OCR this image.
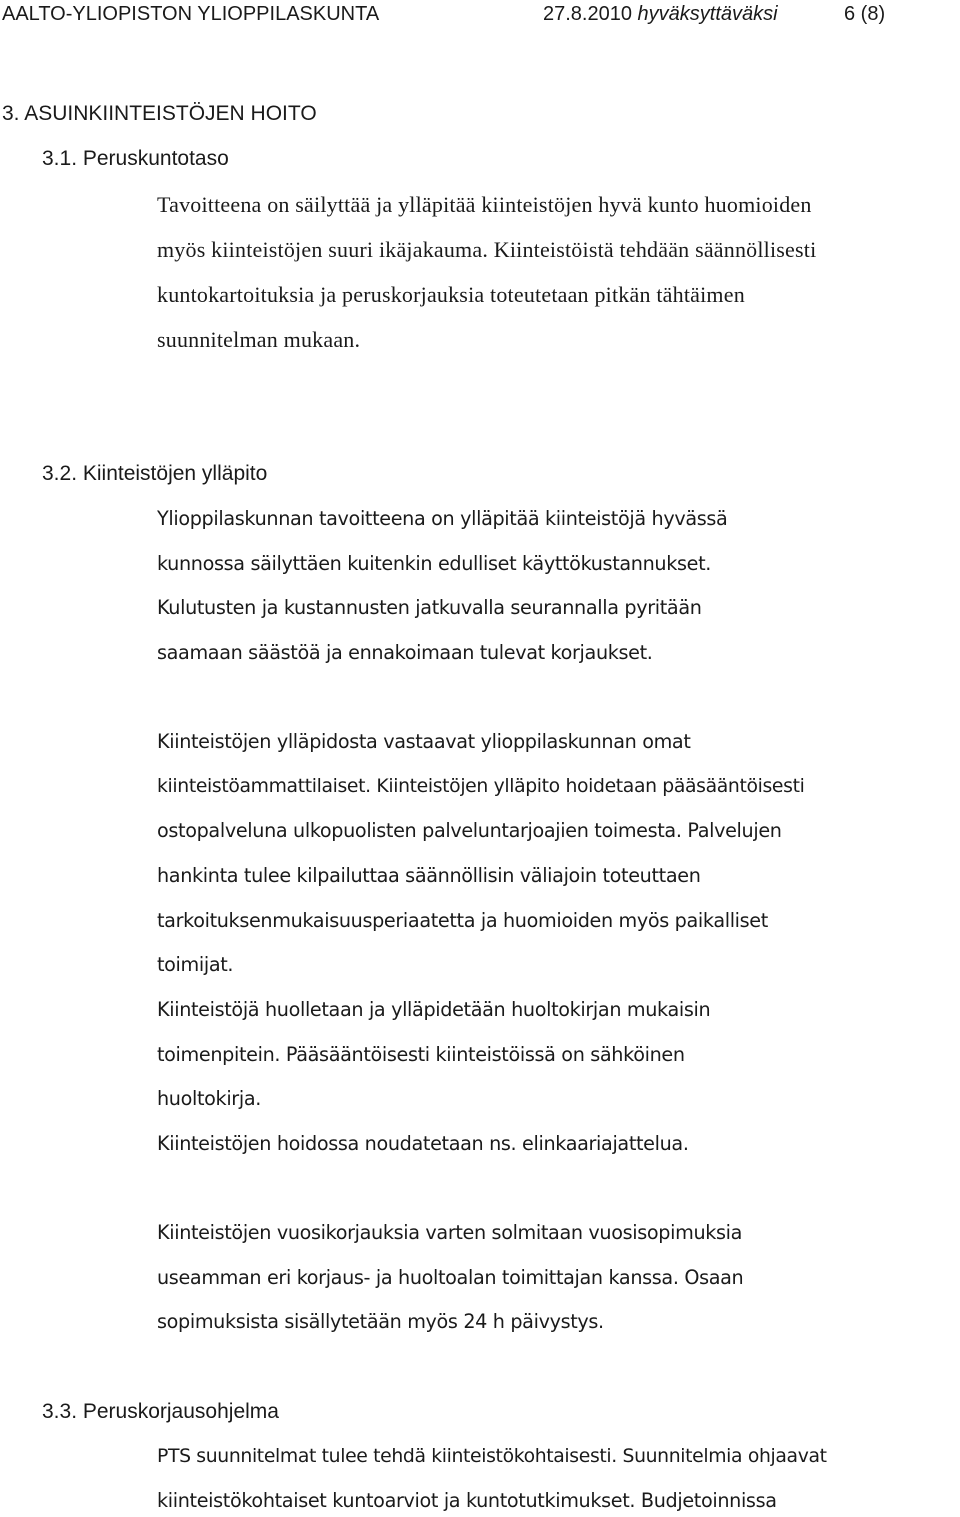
AALTO-YLIOPISTON YLIOPPILASKUNTA	27.8.2010 hyväksyttäväksi	6 (8)
3. ASUINKIINTEISTÖJEN HOITO
3.1. Peruskuntotaso
Tavoitteena on säilyttää ja ylläpitää kiinteistöjen hyvä kunto huomioiden
myös kiinteistöjen suuri ikäjakauma. Kiinteistöistä tehdään säännöllisesti
kuntokartoituksia ja peruskorjauksia toteutetaan pitkän tähtäimen
suunnitelman mukaan.
3.2. Kiinteistöjen ylläpito
Ylioppilaskunnan tavoitteena on ylläpitää kiinteistöjä hyvässä
kunnossa säilyttäen kuitenkin edulliset käyttökustannukset.
Kulutusten ja kustannusten jatkuvalla seurannalla pyritään
saamaan säästöä ja ennakoimaan tulevat korjaukset.
Kiinteistöjen ylläpidosta vastaavat ylioppilaskunnan omat
kiinteistöammattilaiset. Kiinteistöjen ylläpito hoidetaan pääsääntöisesti
ostopalveluna ulkopuolisten palveluntarjoajien toimesta. Palvelujen
hankinta tulee kilpailuttaa säännöllisin väliajoin toteuttaen
tarkoituksenmukaisuusperiaatetta ja huomioiden myös paikalliset
toimijat.
Kiinteistöjä huolletaan ja ylläpidetään huoltokirjan mukaisin
toimenpitein. Pääsääntöisesti kiinteistöissä on sähköinen
huoltokirja.
Kiinteistöjen hoidossa noudatetaan ns. elinkaariajattelua.
Kiinteistöjen vuosikorjauksia varten solmitaan vuosisopimuksia
useamman eri korjaus- ja huoltoalan toimittajan kanssa. Osaan
sopimuksista sisällytetään myös 24 h päivystys.
3.3. Peruskorjausohjelma
PTS suunnitelmat tulee tehdä kiinteistökohtaisesti. Suunnitelmia ohjaavat
kiinteistökohtaiset kuntoarviot ja kuntotutkimukset. Budjetoinnissa
